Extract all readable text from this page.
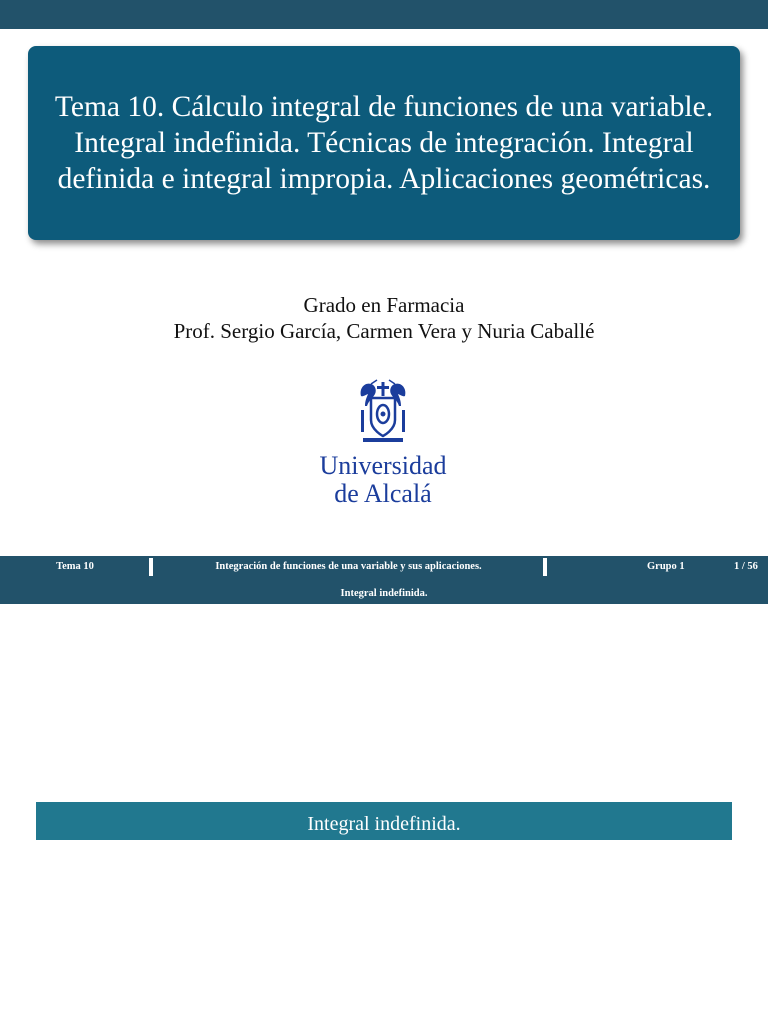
Tema 10. Cálculo integral de funciones de una variable. Integral indefinida. Técnicas de integración. Integral definida e integral impropia. Aplicaciones geométricas.
Grado en Farmacia
Prof. Sergio García, Carmen Vera y Nuria Caballé
Universidad
de Alcalá
Tema 10	Integración de funciones de una variable y sus aplicaciones.	Grupo 1	1 / 56
Integral indefinida.
Integral indefinida.
